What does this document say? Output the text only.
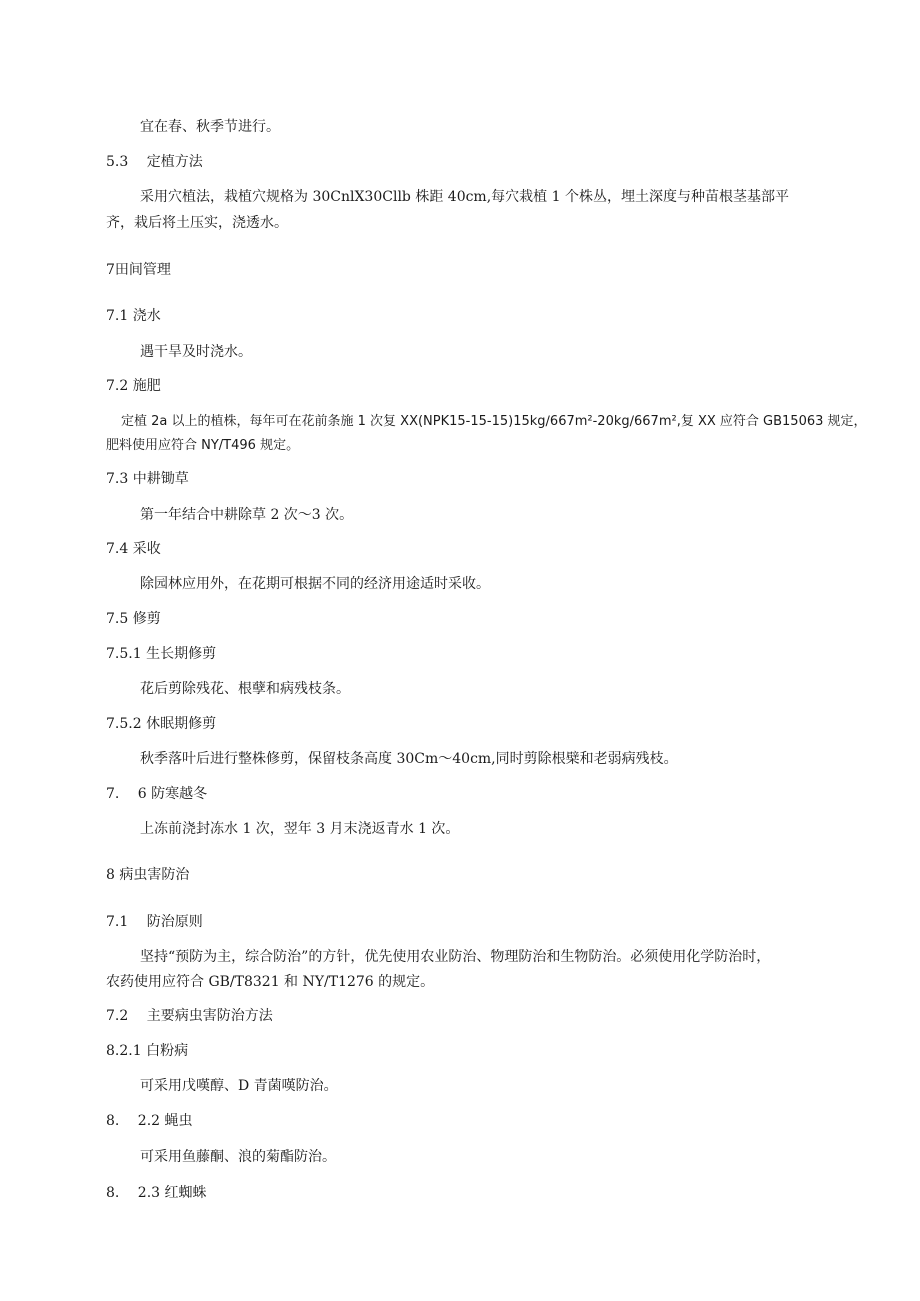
宜在春、秋季节进行。
5.3　 定植方法
采用穴植法，栽植穴规格为 30CnlX30Cllb 株距 40cm,每穴栽植 1 个株丛，埋土深度与种苗根茎基部平
齐，栽后将土压实，浇透水。
7田间管理
7.1 浇水
遇干旱及时浇水。
7.2 施肥
定植 2a 以上的植株，每年可在花前条施 1 次复 XX(NPK15-15-15)15kg∕667m²-20kg∕667m²,复 XX 应符合 GB15063 规定，
肥料使用应符合 NY/T496 规定。
7.3 中耕锄草
第一年结合中耕除草 2 次～3 次。
7.4 采收
除园林应用外，在花期可根据不同的经济用途适时采收。
7.5 修剪
7.5.1 生长期修剪
花后剪除残花、根孽和病残枝条。
7.5.2 休眠期修剪
秋季落叶后进行整株修剪，保留枝条高度 30Cm～40cm,同时剪除根檗和老弱病残枝。
7.　 6 防寒越冬
上冻前浇封冻水 1 次，翌年 3 月末浇返青水 1 次。
8 病虫害防治
7.1　 防治原则
坚持“预防为主，综合防治”的方针，优先使用农业防治、物理防治和生物防治。必须使用化学防治时，
农药使用应符合 GB/T8321 和 NY/T1276 的规定。
7.2　 主要病虫害防治方法
8.2.1 白粉病
可采用戊嘆醇、D 青菌嘆防治。
8.　 2.2 蝇虫
可采用鱼藤酮、浪的菊酯防治。
8.　 2.3 红蜘蛛
